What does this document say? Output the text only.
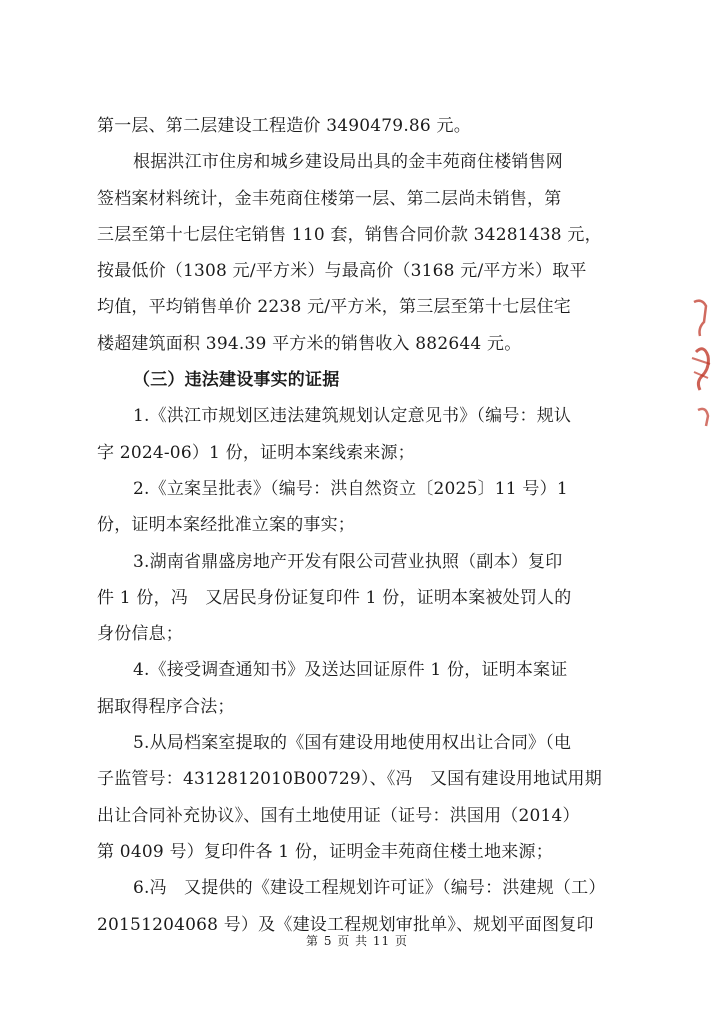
第一层、第二层建设工程造价 3490479.86 元。
根据洪江市住房和城乡建设局出具的金丰苑商住楼销售网
签档案材料统计，金丰苑商住楼第一层、第二层尚未销售，第
三层至第十七层住宅销售 110 套，销售合同价款 34281438 元，
按最低价（1308 元/平方米）与最高价（3168 元/平方米）取平
均值，平均销售单价 2238 元/平方米，第三层至第十七层住宅
楼超建筑面积 394.39 平方米的销售收入 882644 元。
（三）违法建设事实的证据
1.《洪江市规划区违法建筑规划认定意见书》（编号：规认
字 2024-06）1 份，证明本案线索来源；
2.《立案呈批表》（编号：洪自然资立〔2025〕11 号）1
份，证明本案经批准立案的事实；
3.湖南省鼎盛房地产开发有限公司营业执照（副本）复印
件 1 份，冯　又居民身份证复印件 1 份，证明本案被处罚人的
身份信息；
4.《接受调查通知书》及送达回证原件 1 份，证明本案证
据取得程序合法；
5.从局档案室提取的《国有建设用地使用权出让合同》（电
子监管号：4312812010B00729）、《冯　又国有建设用地试用期
出让合同补充协议》、国有土地使用证（证号：洪国用（2014）
第 0409 号）复印件各 1 份，证明金丰苑商住楼土地来源；
6.冯　又提供的《建设工程规划许可证》（编号：洪建规（工）
20151204068 号）及《建设工程规划审批单》、规划平面图复印
第 5 页 共 11 页
